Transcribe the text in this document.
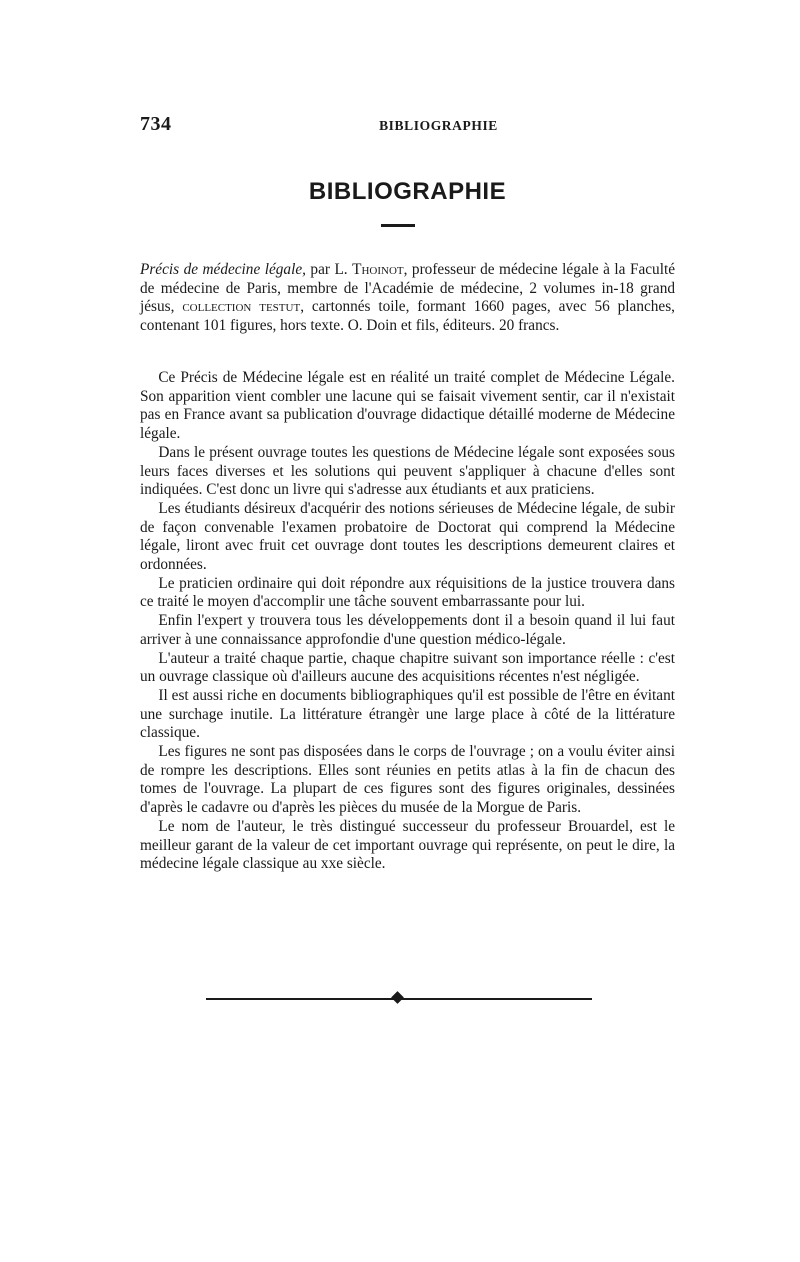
734	BIBLIOGRAPHIE
BIBLIOGRAPHIE

Précis de médecine légale, par L. Thoinot, professeur de médecine légale à la Faculté de médecine de Paris, membre de l'Académie de médecine, 2 volumes in-18 grand jésus, collection testut, cartonnés toile, formant 1660 pages, avec 56 planches, contenant 101 figures, hors texte. O. Doin et fils, éditeurs. 20 francs.

Ce Précis de Médecine légale est en réalité un traité complet de Médecine Légale. Son apparition vient combler une lacune qui se faisait vivement sentir, car il n'existait pas en France avant sa publication d'ouvrage didactique détaillé moderne de Médecine légale.

Dans le présent ouvrage toutes les questions de Médecine légale sont exposées sous leurs faces diverses et les solutions qui peuvent s'appliquer à chacune d'elles sont indiquées. C'est donc un livre qui s'adresse aux étudiants et aux praticiens.

Les étudiants désireux d'acquérir des notions sérieuses de Médecine légale, de subir de façon convenable l'examen probatoire de Doctorat qui comprend la Médecine légale, liront avec fruit cet ouvrage dont toutes les descriptions demeurent claires et ordonnées.

Le praticien ordinaire qui doit répondre aux réquisitions de la justice trouvera dans ce traité le moyen d'accomplir une tâche souvent embarrassante pour lui.

Enfin l'expert y trouvera tous les développements dont il a besoin quand il lui faut arriver à une connaissance approfondie d'une question médico-légale.

L'auteur a traité chaque partie, chaque chapitre suivant son importance réelle : c'est un ouvrage classique où d'ailleurs aucune des acquisitions récentes n'est négligée.

Il est aussi riche en documents bibliographiques qu'il est possible de l'être en évitant une surchage inutile. La littérature étrangèr une large place à côté de la littérature classique.

Les figures ne sont pas disposées dans le corps de l'ouvrage ; on a voulu éviter ainsi de rompre les descriptions. Elles sont réunies en petits atlas à la fin de chacun des tomes de l'ouvrage. La plupart de ces figures sont des figures originales, dessinées d'après le cadavre ou d'après les pièces du musée de la Morgue de Paris.

Le nom de l'auteur, le très distingué successeur du professeur Brouardel, est le meilleur garant de la valeur de cet important ouvrage qui représente, on peut le dire, la médecine légale classique au xxe siècle.
